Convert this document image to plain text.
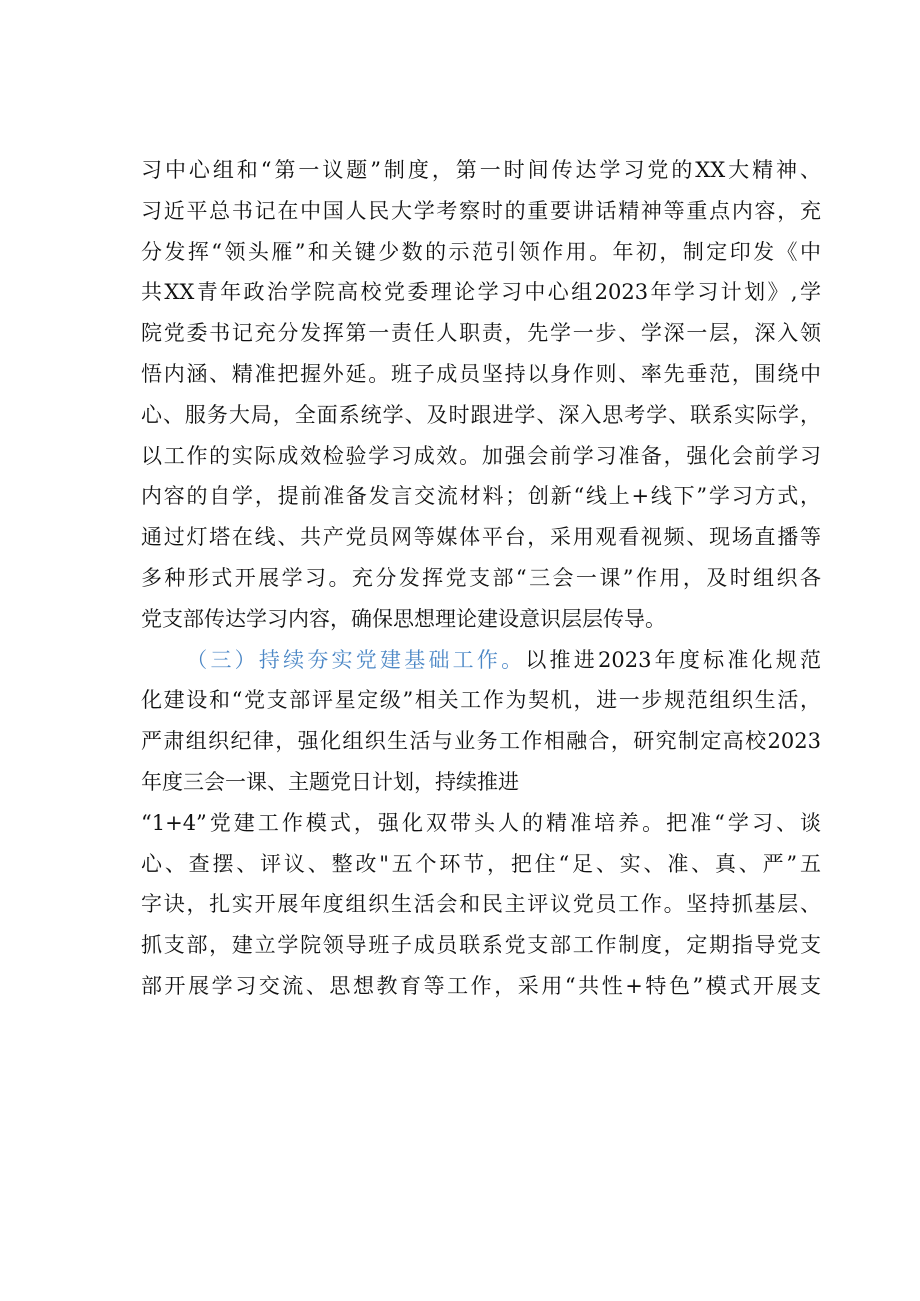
习中心组和“第一议题”制度，第一时间传达学习党的XX大精神、
习近平总书记在中国人民大学考察时的重要讲话精神等重点内容，充
分发挥“领头雁”和关键少数的示范引领作用。年初，制定印发《中
共XX青年政治学院高校党委理论学习中心组2023年学习计划》,学
院党委书记充分发挥第一责任人职责，先学一步、学深一层，深入领
悟内涵、精准把握外延。班子成员坚持以身作则、率先垂范，围绕中
心、服务大局，全面系统学、及时跟进学、深入思考学、联系实际学，
以工作的实际成效检验学习成效。加强会前学习准备，强化会前学习
内容的自学，提前准备发言交流材料；创新“线上+线下”学习方式，
通过灯塔在线、共产党员网等媒体平台，采用观看视频、现场直播等
多种形式开展学习。充分发挥党支部“三会一课”作用，及时组织各
党支部传达学习内容，确保思想理论建设意识层层传导。
（三）持续夯实党建基础工作。以推进2023年度标准化规范
化建设和“党支部评星定级”相关工作为契机，进一步规范组织生活，
严肃组织纪律，强化组织生活与业务工作相融合，研究制定高校2023
年度三会一课、主题党日计划，持续推进
“1+4”党建工作模式，强化双带头人的精准培养。把准“学习、谈
心、查摆、评议、整改"五个环节，把住“足、实、准、真、严”五
字诀，扎实开展年度组织生活会和民主评议党员工作。坚持抓基层、
抓支部，建立学院领导班子成员联系党支部工作制度，定期指导党支
部开展学习交流、思想教育等工作，采用“共性+特色”模式开展支
